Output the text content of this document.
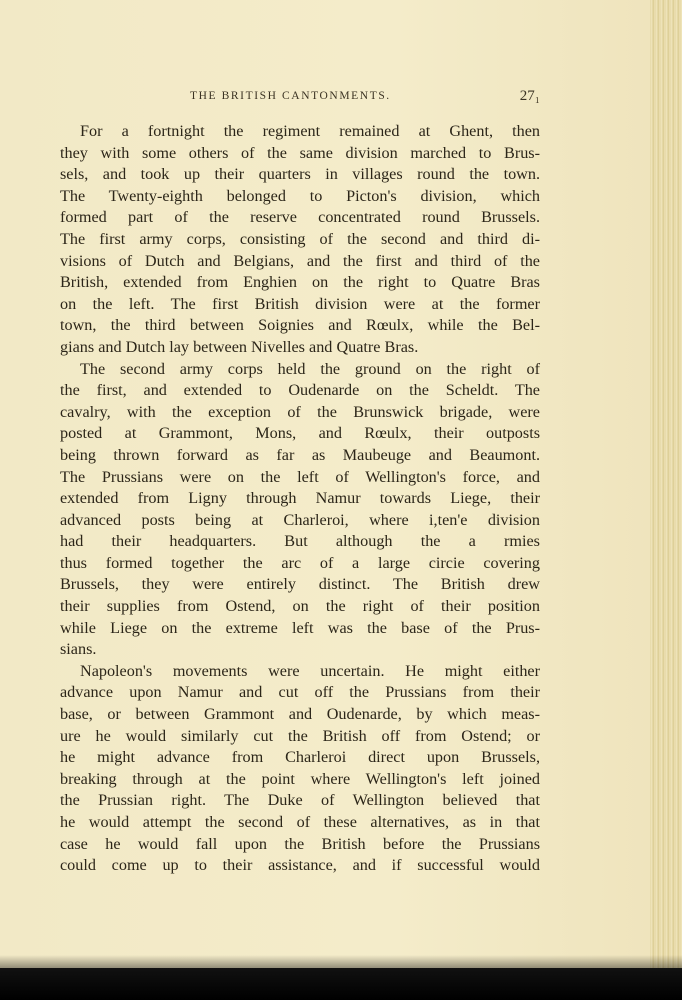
THE BRITISH CANTONMENTS.	27₁
For a fortnight the regiment remained at Ghent, then
they with some others of the same division marched to Brus-
sels, and took up their quarters in villages round the town.
The Twenty-eighth belonged to Picton's division, which
formed part of the reserve concentrated round Brussels.
The first army corps, consisting of the second and third di-
visions of Dutch and Belgians, and the first and third of the
British, extended from Enghien on the right to Quatre Bras
on the left. The first British division were at the former
town, the third between Soignies and Rœulx, while the Bel-
gians and Dutch lay between Nivelles and Quatre Bras.
The second army corps held the ground on the right of
the first, and extended to Oudenarde on the Scheldt. The
cavalry, with the exception of the Brunswick brigade, were
posted at Grammont, Mons, and Rœulx, their outposts
being thrown forward as far as Maubeuge and Beaumont.
The Prussians were on the left of Wellington's force, and
extended from Ligny through Namur towards Liege, their
advanced posts being at Charleroi, where i,ten'e division
had their headquarters. But although the a rmies
thus formed together the arc of a large circie covering
Brussels, they were entirely distinct. The British drew
their supplies from Ostend, on the right of their position
while Liege on the extreme left was the base of the Prus-
sians.
Napoleon's movements were uncertain. He might either
advance upon Namur and cut off the Prussians from their
base, or between Grammont and Oudenarde, by which meas-
ure he would similarly cut the British off from Ostend; or
he might advance from Charleroi direct upon Brussels,
breaking through at the point where Wellington's left joined
the Prussian right. The Duke of Wellington believed that
he would attempt the second of these alternatives, as in that
case he would fall upon the British before the Prussians
could come up to their assistance, and if successful would
